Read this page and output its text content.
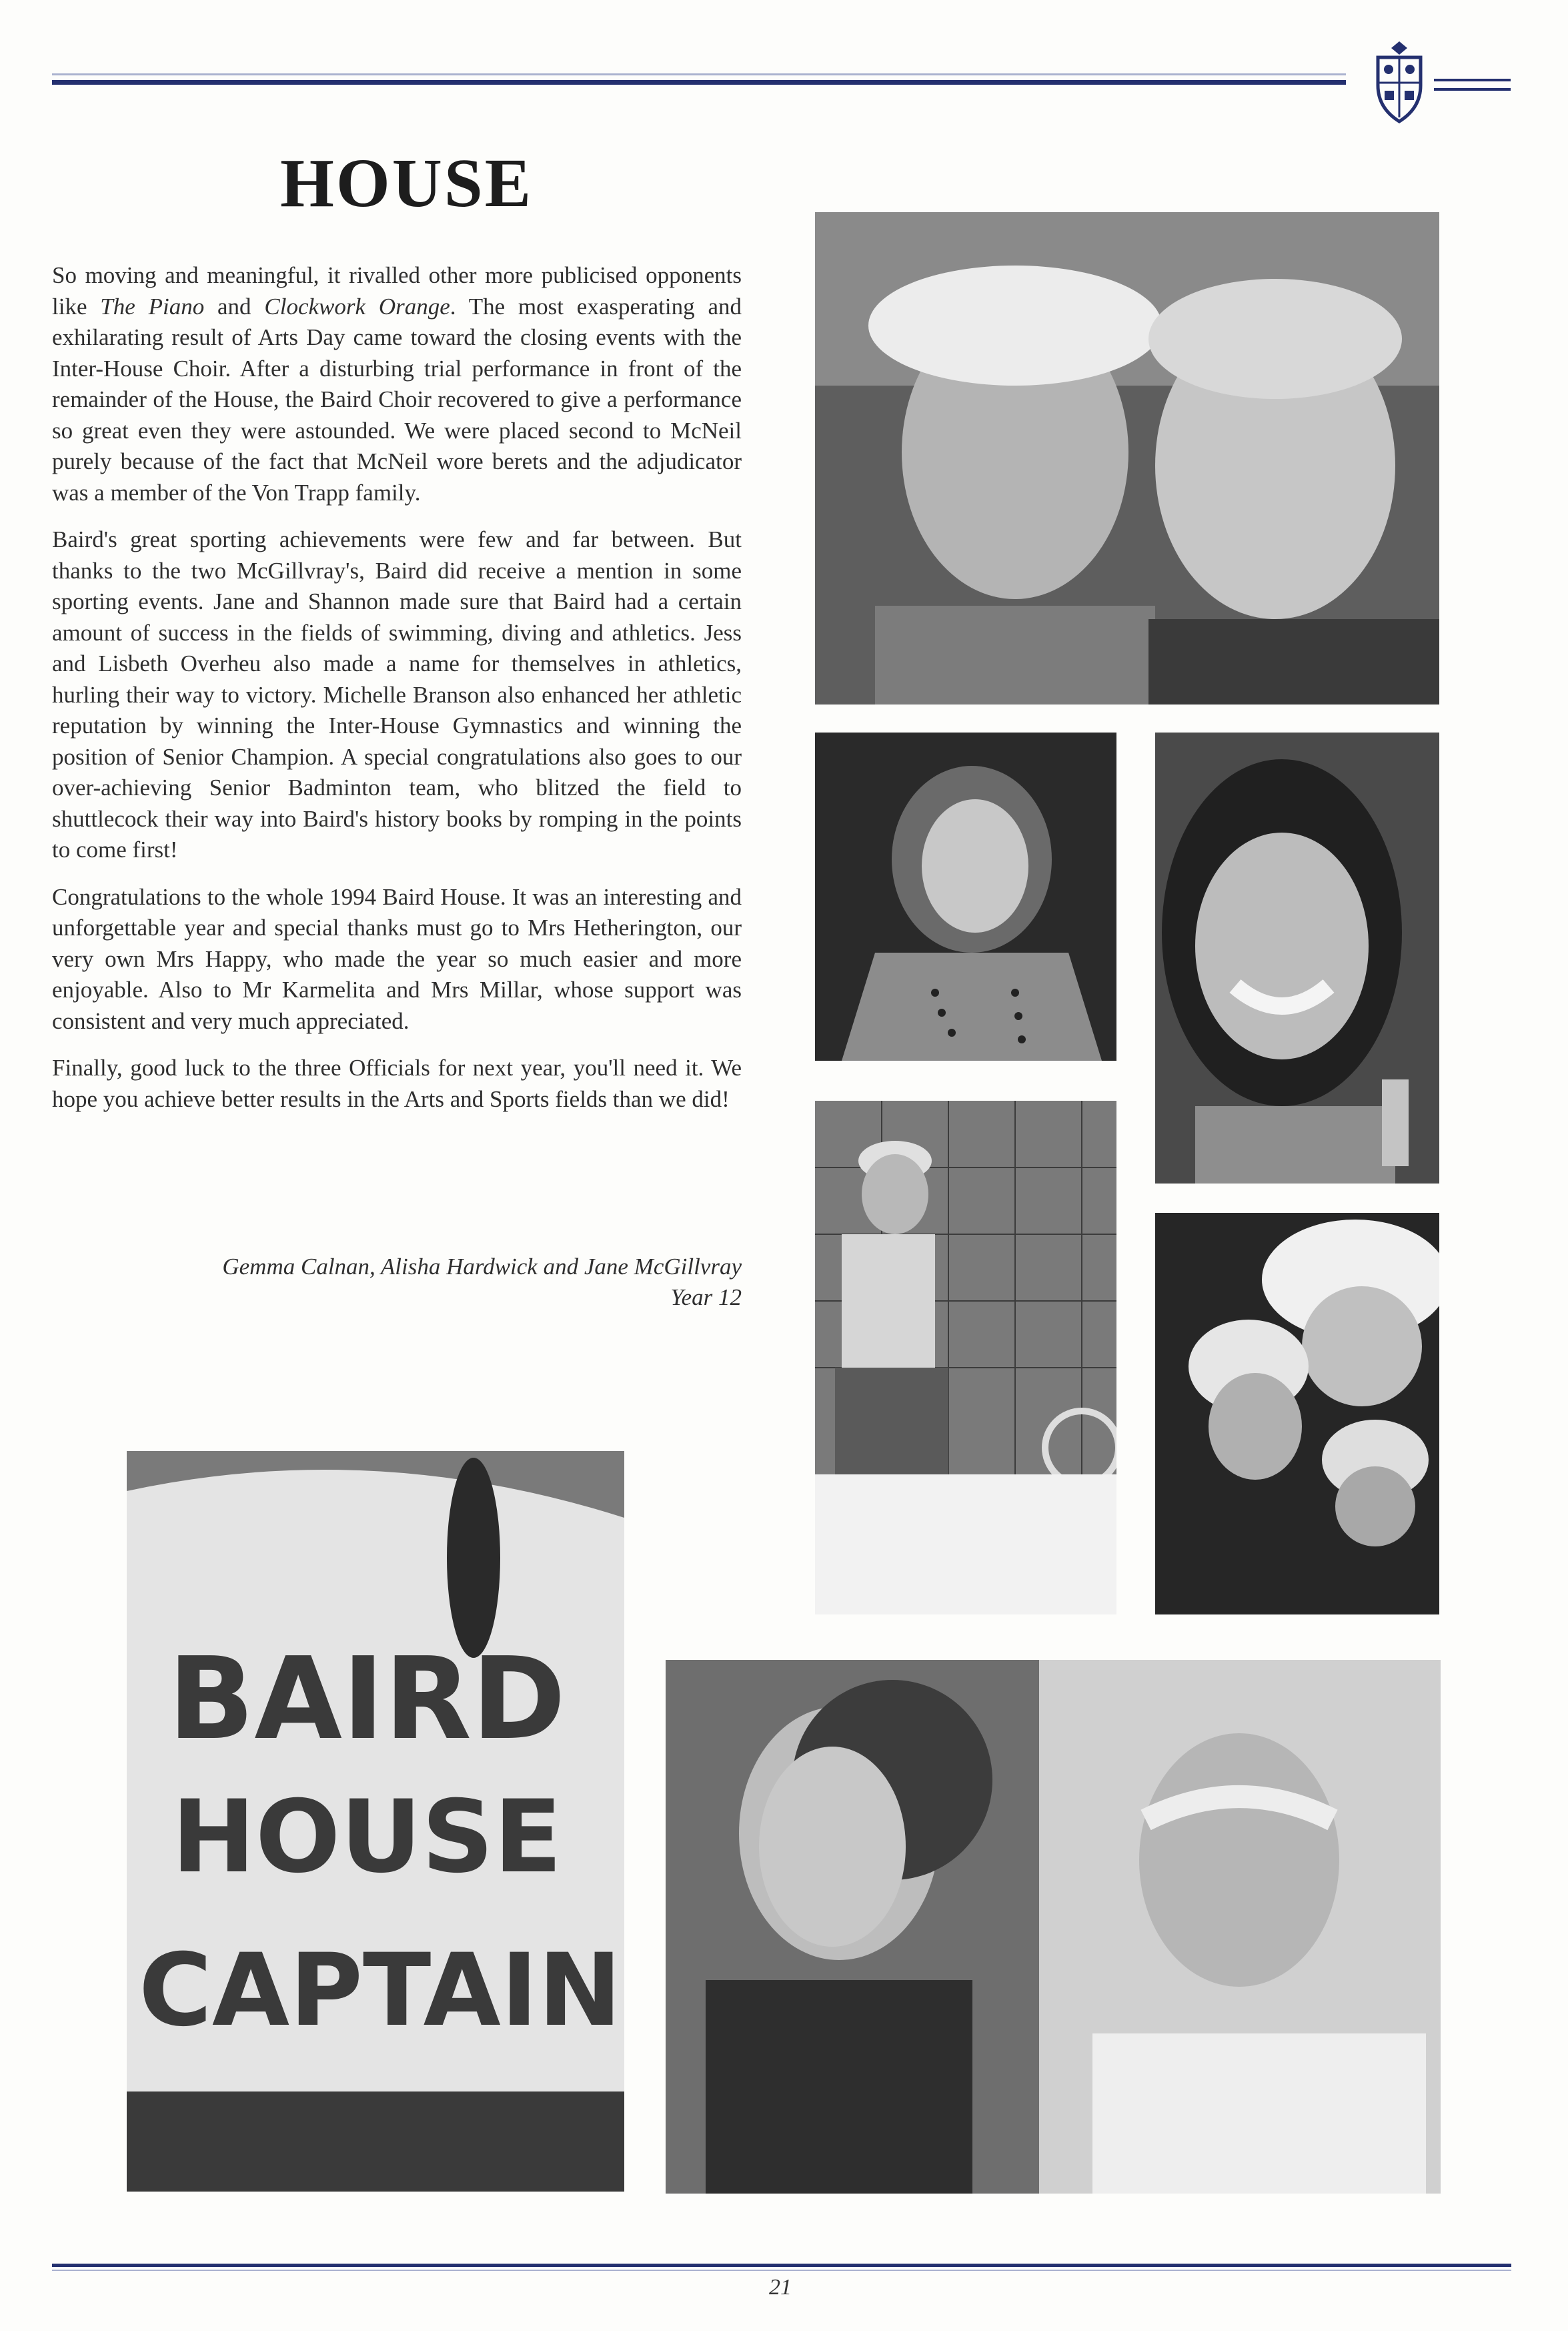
HOUSE

So moving and meaningful, it rivalled other more publicised opponents like The Piano and Clockwork Orange. The most exasperating and exhilarating result of Arts Day came toward the closing events with the Inter-House Choir. After a disturbing trial performance in front of the remainder of the House, the Baird Choir recovered to give a performance so great even they were astounded. We were placed second to McNeil purely because of the fact that McNeil wore berets and the adjudicator was a member of the Von Trapp family.

Baird's great sporting achievements were few and far between. But thanks to the two McGillvray's, Baird did receive a mention in some sporting events. Jane and Shannon made sure that Baird had a certain amount of success in the fields of swimming, diving and athletics. Jess and Lisbeth Overheu also made a name for themselves in athletics, hurling their way to victory. Michelle Branson also enhanced her athletic reputation by winning the Inter-House Gymnastics and winning the position of Senior Champion. A special congratulations also goes to our over-achieving Senior Badminton team, who blitzed the field to shuttlecock their way into Baird's history books by romping in the points to come first!

Congratulations to the whole 1994 Baird House. It was an interesting and unforgettable year and special thanks must go to Mrs Hetherington, our very own Mrs Happy, who made the year so much easier and more enjoyable. Also to Mr Karmelita and Mrs Millar, whose support was consistent and very much appreciated.

Finally, good luck to the three Officials for next year, you'll need it. We hope you achieve better results in the Arts and Sports fields than we did!

Gemma Calnan, Alisha Hardwick and Jane McGillvray
Year 12
BAIRD
HOUSE
CAPTAIN
21
